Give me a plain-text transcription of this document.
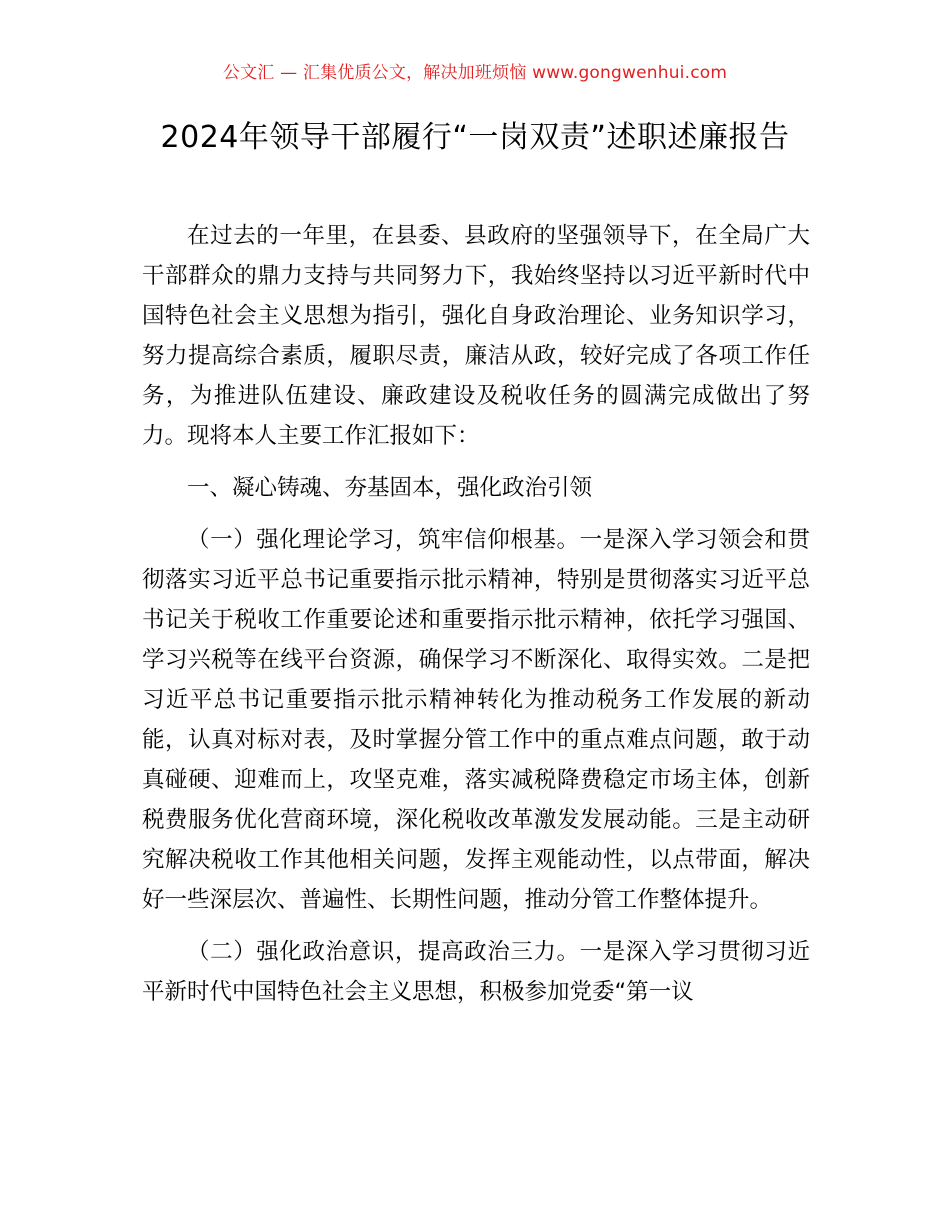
公文汇 — 汇集优质公文，解决加班烦恼 www.gongwenhui.com
2024年领导干部履行“一岗双责”述职述廉报告

在过去的一年里，在县委、县政府的坚强领导下，在全局广大干部群众的鼎力支持与共同努力下，我始终坚持以习近平新时代中国特色社会主义思想为指引，强化自身政治理论、业务知识学习，努力提高综合素质，履职尽责，廉洁从政，较好完成了各项工作任务，为推进队伍建设、廉政建设及税收任务的圆满完成做出了努力。现将本人主要工作汇报如下：

一、凝心铸魂、夯基固本，强化政治引领

（一）强化理论学习，筑牢信仰根基。一是深入学习领会和贯彻落实习近平总书记重要指示批示精神，特别是贯彻落实习近平总书记关于税收工作重要论述和重要指示批示精神，依托学习强国、学习兴税等在线平台资源，确保学习不断深化、取得实效。二是把习近平总书记重要指示批示精神转化为推动税务工作发展的新动能，认真对标对表，及时掌握分管工作中的重点难点问题，敢于动真碰硬、迎难而上，攻坚克难，落实减税降费稳定市场主体，创新税费服务优化营商环境，深化税收改革激发发展动能。三是主动研究解决税收工作其他相关问题，发挥主观能动性，以点带面，解决好一些深层次、普遍性、长期性问题，推动分管工作整体提升。

（二）强化政治意识，提高政治三力。一是深入学习贯彻习近平新时代中国特色社会主义思想，积极参加党委“第一议
